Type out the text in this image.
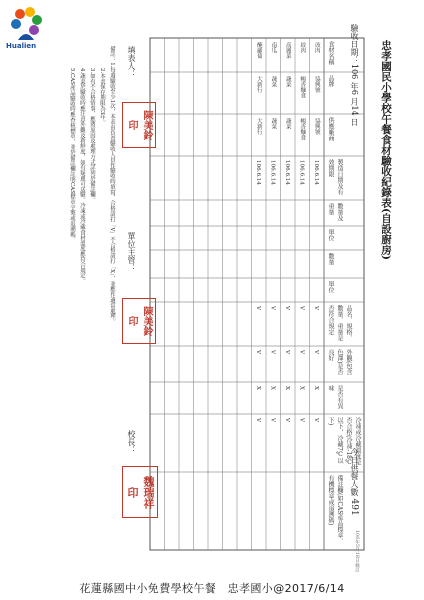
Hualien	忠孝國民小學校午餐食材驗收紀錄表(自設廚房)
驗收日期：106 年6 月14 日
今日供餐人數 491
106年5月18日修訂
食材名稱
品牌
供應廠商
製造日期及有效期限
數量及重量
單位
數量
單位
品名、規格、數量、重量是否符合規定
外觀(包含色澤)是否良好
是否有異味
冷凍或冷藏溫度是否合格(冷凍-18℃以下，冷藏7℃以下)
備註欄(如CAS產品標章、有機標章或追溯碼)
豉肉
協興號
協興號
106.6.14
V
V
X
V
絞肉
暢香麵食
暢香麵食
106.6.14
V
V
X
V
高麗菜
蔬菜
蔬菜
106.6.14
V
V
X
V
南瓜
蔬菜
蔬菜
106.6.14
V
V
X
V
醃蘿蔔
大新行
大新行
106.6.14
V
V
X
V
備註：1.每週驗收至少1次，本表由負責驗收人員作驗收時填寫，合格請打「V」不合格請打「X」，並應作適當處理。
2.本表保存期限為3年。
3.如有不合格情事，應將原因及處理方式詳列於備註欄。
4.蔬菜於驗收時應注意外觀及新鮮度，如有疑慮可送驗。冷凍或冷藏食材溫度應符合規定。
5.CAS產品驗收時應查核標章，並於備註欄註明CAS標章字號或追溯碼。
填表人：
陳美鈴 印
單位主管：
陳美鈴 印
校長：
魏瑞祥 印
花蓮縣國中小免費學校午餐　忠孝國小@2017/6/14
